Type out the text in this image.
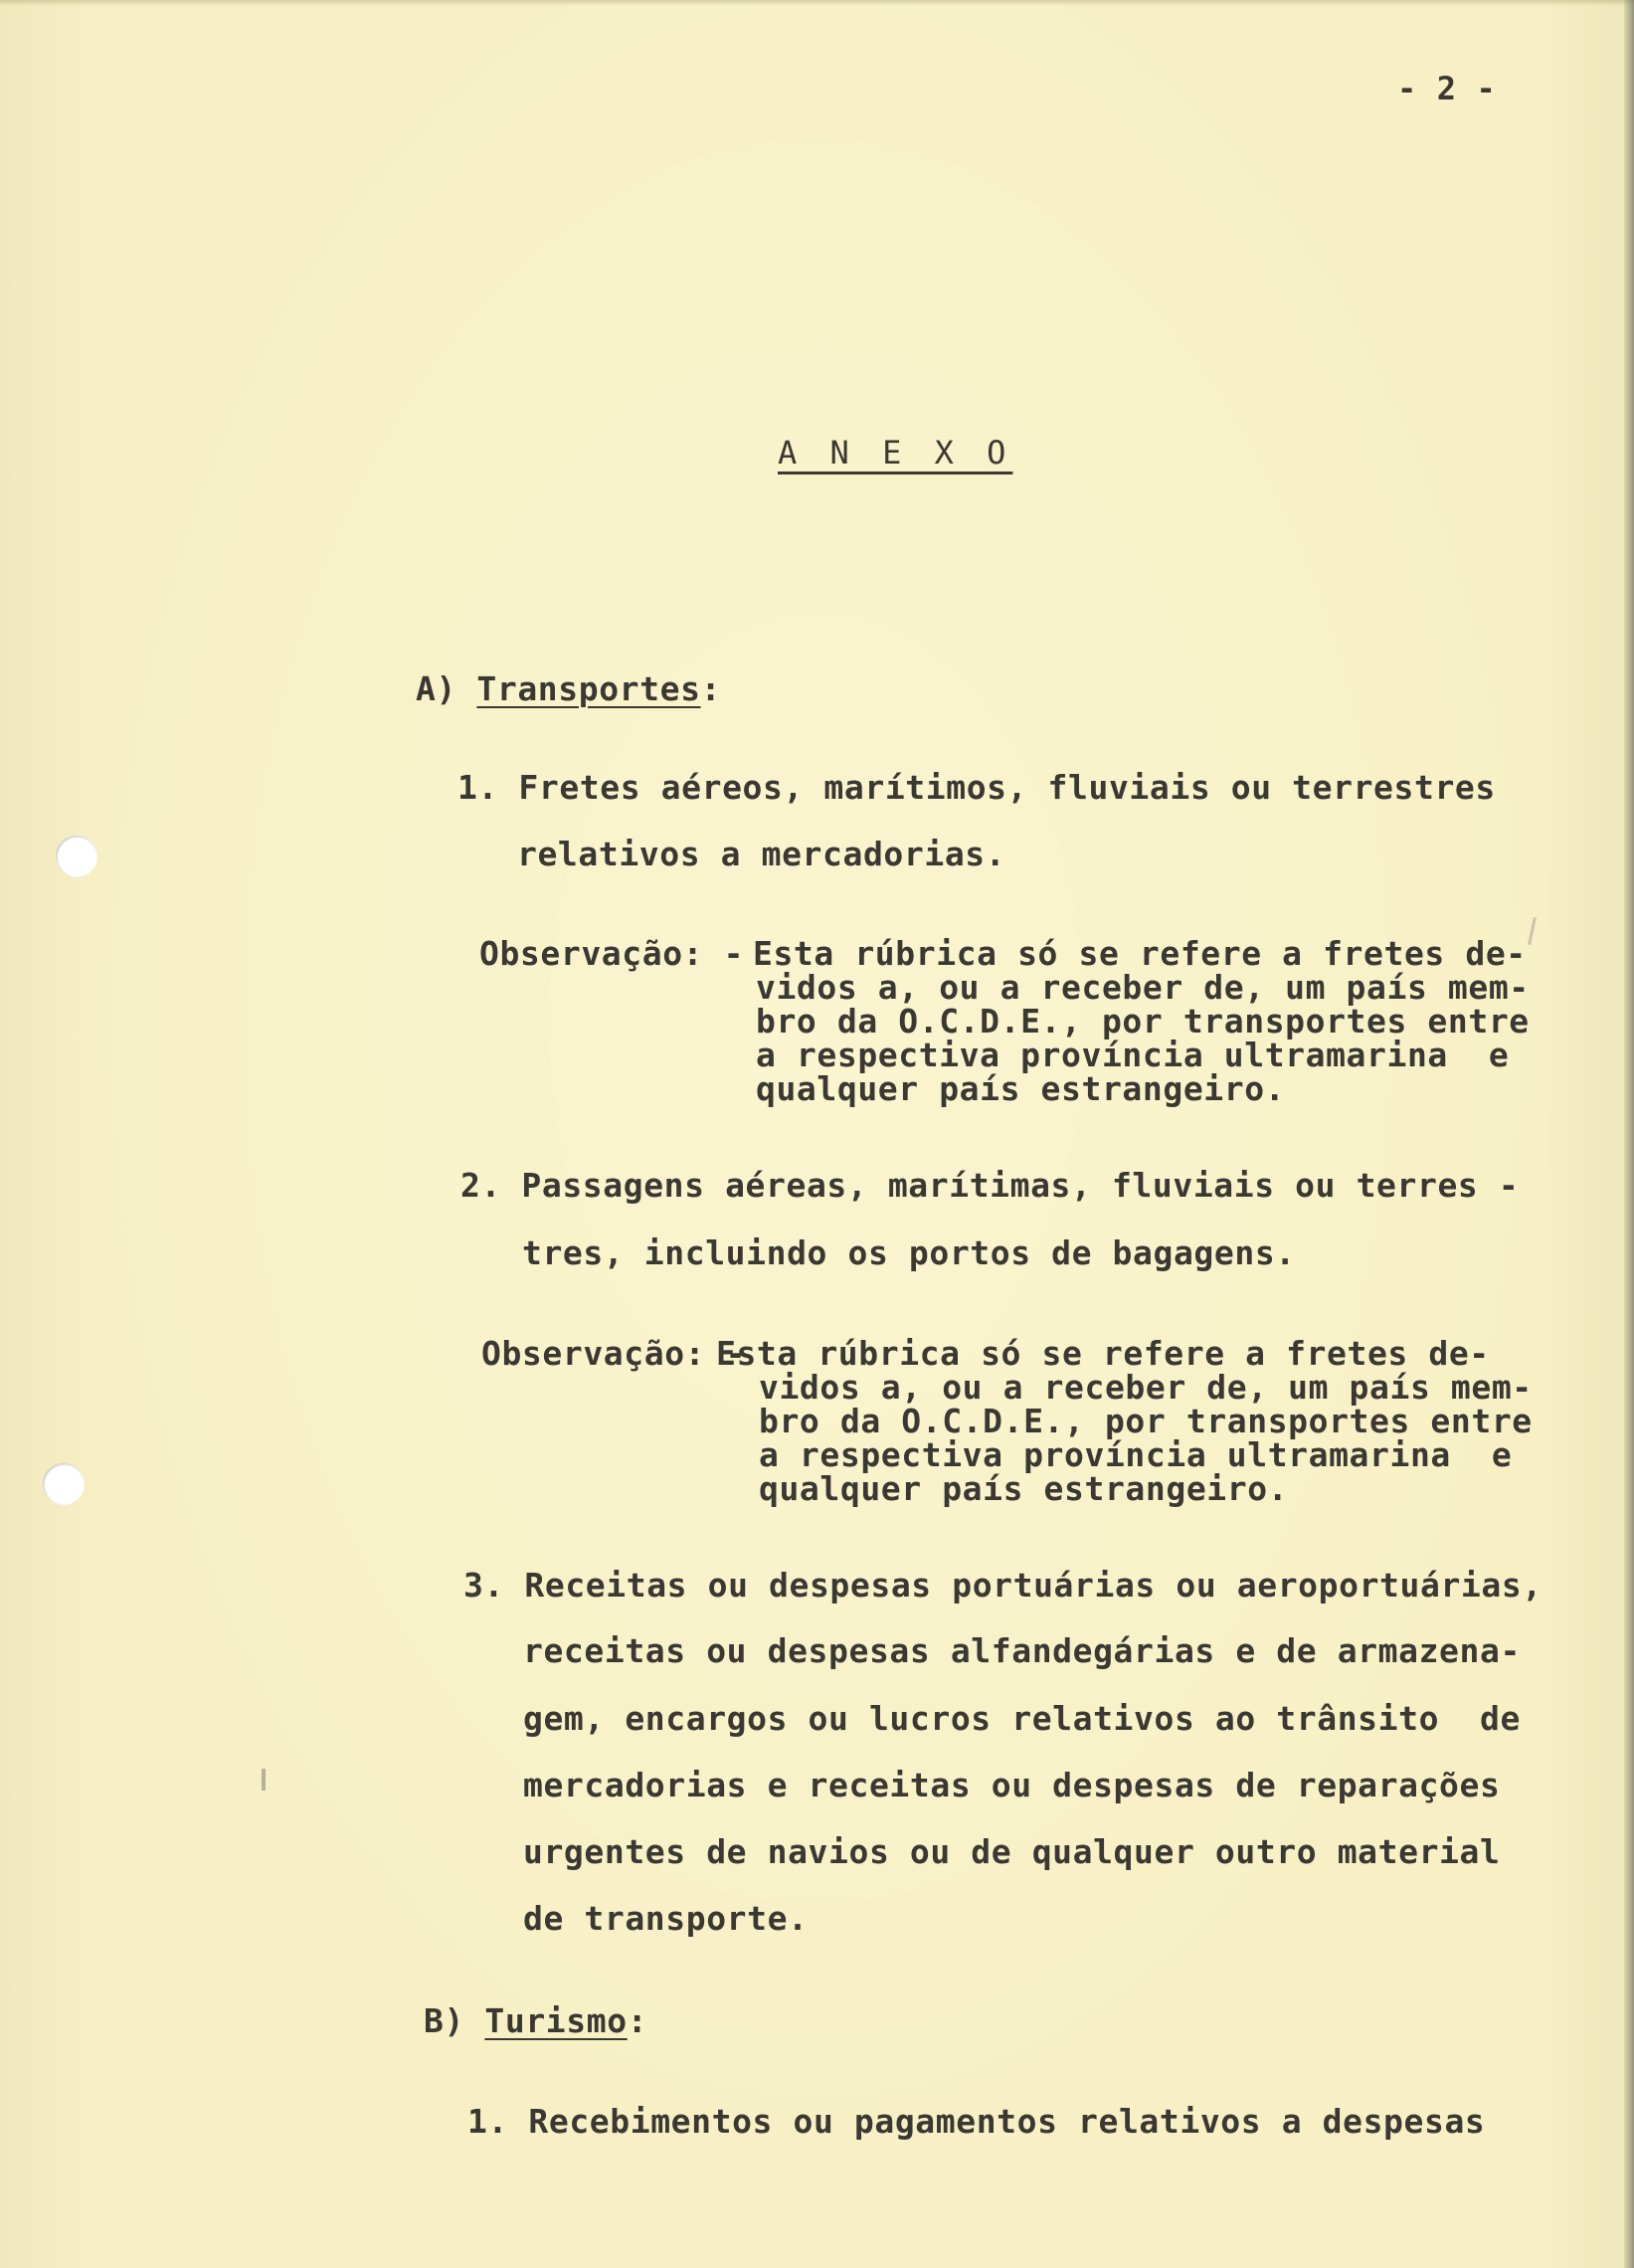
- 2 -
A N E X O
A) Transportes:
1. Fretes aéreos, marítimos, fluviais ou terrestres
relativos a mercadorias.
Observação: - Esta rúbrica só se refere a fretes de-
vidos a, ou a receber de, um país mem-
bro da O.C.D.E., por transportes entre
a respectiva província ultramarina  e
qualquer país estrangeiro.
2. Passagens aéreas, marítimas, fluviais ou terres -
tres, incluindo os portos de bagagens.
Observação: -
Esta rúbrica só se refere a fretes de-
vidos a, ou a receber de, um país mem-
bro da O.C.D.E., por transportes entre
a respectiva província ultramarina  e
qualquer país estrangeiro.
3. Receitas ou despesas portuárias ou aeroportuárias,
receitas ou despesas alfandegárias e de armazena-
gem, encargos ou lucros relativos ao trânsito  de
mercadorias e receitas ou despesas de reparações
urgentes de navios ou de qualquer outro material
de transporte.
B) Turismo:
1. Recebimentos ou pagamentos relativos a despesas
